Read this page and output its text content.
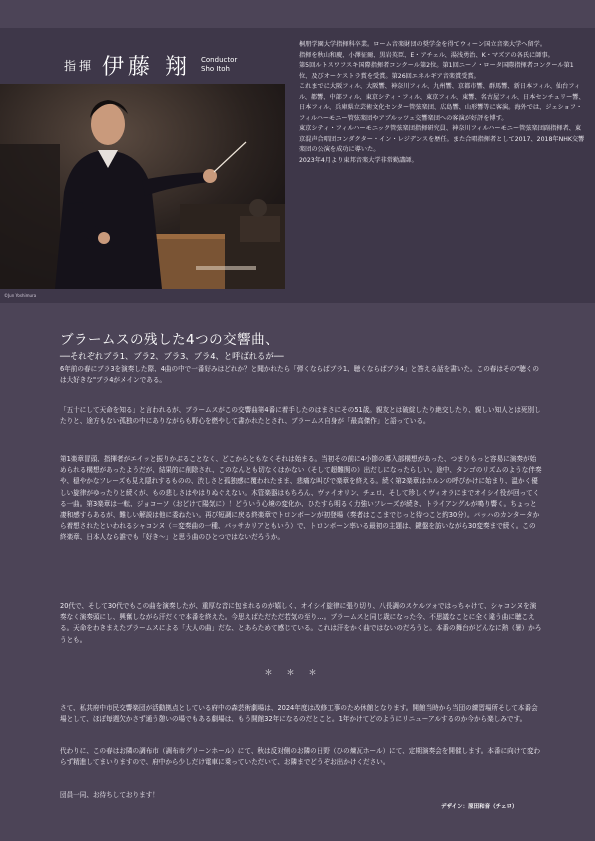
指揮 伊藤 翔 Conductor
Sho Itoh
©Jun Yoshimura

桐朋学園大学指揮科卒業。ローム音楽財団の奨学金を得てウィーン国立音楽大学へ留学。

指揮を秋山和慶、小澤征爾、黒岩英臣、E・アチェル、湯浅勇治、K・マズアの各氏に師事。

第5回ルトスワフスキ国際指揮者コンクール第2位。第1回ニーノ・ロータ国際指揮者コンクール第1位、及びオーケストラ賞を受賞。第26回エネルギア音楽賞受賞。

これまでに大阪フィル、大阪響、神奈川フィル、九州響、京都市響、群馬響、新日本フィル、仙台フィル、都響、中部フィル、東京シティ・フィル、東京フィル、東響、名古屋フィル、日本センチュリー響、日本フィル、兵庫県立芸術文化センター管弦楽団、広島響、山形響等に客演。海外では、ジェショフ・フィルハーモニー管弦楽団やアブルッツェ交響楽団への客演が好評を博す。

東京シティ・フィルハーモニック管弦楽団指揮研究員、神奈川フィルハーモニー管弦楽団副指揮者、東京混声合唱団コンダクター・イン・レジデンスを歴任。また合唱指揮者として2017、2018年NHK交響楽団の公演を成功に導いた。

2023年4月より東邦音楽大学非常勤講師。

ブラームスの残した4つの交響曲、
──それぞれブラ1、ブラ2、ブラ3、ブラ4、と呼ばれるが──

6年前の春にブラ3を演奏した際、4曲の中で一番好みはどれか？と聞かれたら「弾くならばブラ1、聴くならばブラ4」と答える話を書いた。この春はその"聴くのは大好きな"ブラ4がメインである。

「五十にして天命を知る」と言われるが、ブラームスがこの交響曲第4番に着手したのはまさにその51歳。親友とは破綻したり絶交したり、親しい知人とは死別したりと、途方もない孤独の中にありながらも野心を燃やして書かれたとされ、ブラームス自身が「最高傑作」と語っている。

第1楽章冒頭、指揮者がエイッと振りかぶることなく、どこからともなくそれは始まる。当初その前に4小節の導入部構想があった、つまりもっと容易に演奏が始められる構想があったようだが、結果的に削除され、このなんとも切なくはかない（そして超難関の）出だしになったらしい。途中、タンゴのリズムのような伴奏や、穏やかなフレーズも見え隠れするものの、渋しさと孤独感に覆われたまま、悲痛な叫びで楽章を終える。続く第2楽章はホルンの呼びかけに始まり、温かく優しい旋律がゆったりと続くが、もの悲しさはやはりぬぐえない。木管楽器はもちろん、ヴァイオリン、チェロ、そして珍しくヴィオラにまでオイシイ役が回ってくる一曲。第3楽章は一転、ジョコーソ（おどけて陽気に）！どういう心境の変化か、ひたすら明るく力強いフレーズが続き、トライアングルが鳴り響く。ちょっと凄和感すらあるが、難しい解説は他に委ねたい。再び短調に戻る終楽章でトロンボーンが初登場（奏者はここまでじっと待つこと約30分）。バッハのカンタータから着想されたといわれるシャコンヌ（＝変奏曲の一種、パッサカリアともいう）で、トロンボーン率いる最初の主題は、鍵盤を訪いながら30変奏まで続く。この終楽章、日本人なら誰でも「好き～」と思う曲のひとつではないだろうか。

20代で、そして30代でもこの曲を演奏したが、重厚な音に包まれるのが嬉しく、オイシイ旋律に張り切り、八長調のスケルツォではっちゃけて、シャコンヌを演奏なく演奏頭にし、興奮しながら汗だくで本番を終えた。今思えばただただ若気の至り…。ブラームスと同じ歳になった今、不思議なことに全く違う曲に聴こえる。天命をわきまえたブラームスによる「大人の曲」だな、とあらためて感じている。これは汗をかく曲ではないのだろうと。本番の舞台がどんなに熱（暑）かろうとも。

＊＊＊

さて、私共府中市民交響楽団が活動拠点としている府中の森芸術劇場は、2024年度は改修工事のため休館となります。開館当時から当団の練習場所そして本番会場として、ほぼ毎週欠かさず通う憩いの場でもある劇場は、もう開館32年になるのだとこと。1年かけてどのようにリニューアルするのか今から楽しみです。

代わりに、この春はお隣の調布市（調布市グリーンホール）にて、秋は反対側のお隣の日野（ひの煉瓦ホール）にて、定期演奏会を開催します。本番に向けて変わらず精進してまいりますので、府中から少しだけ電車に乗っていただいて、お隣までどうぞお出かけください。

団員一同、お待ちしております！

デザイン：原田和音（チェロ）
